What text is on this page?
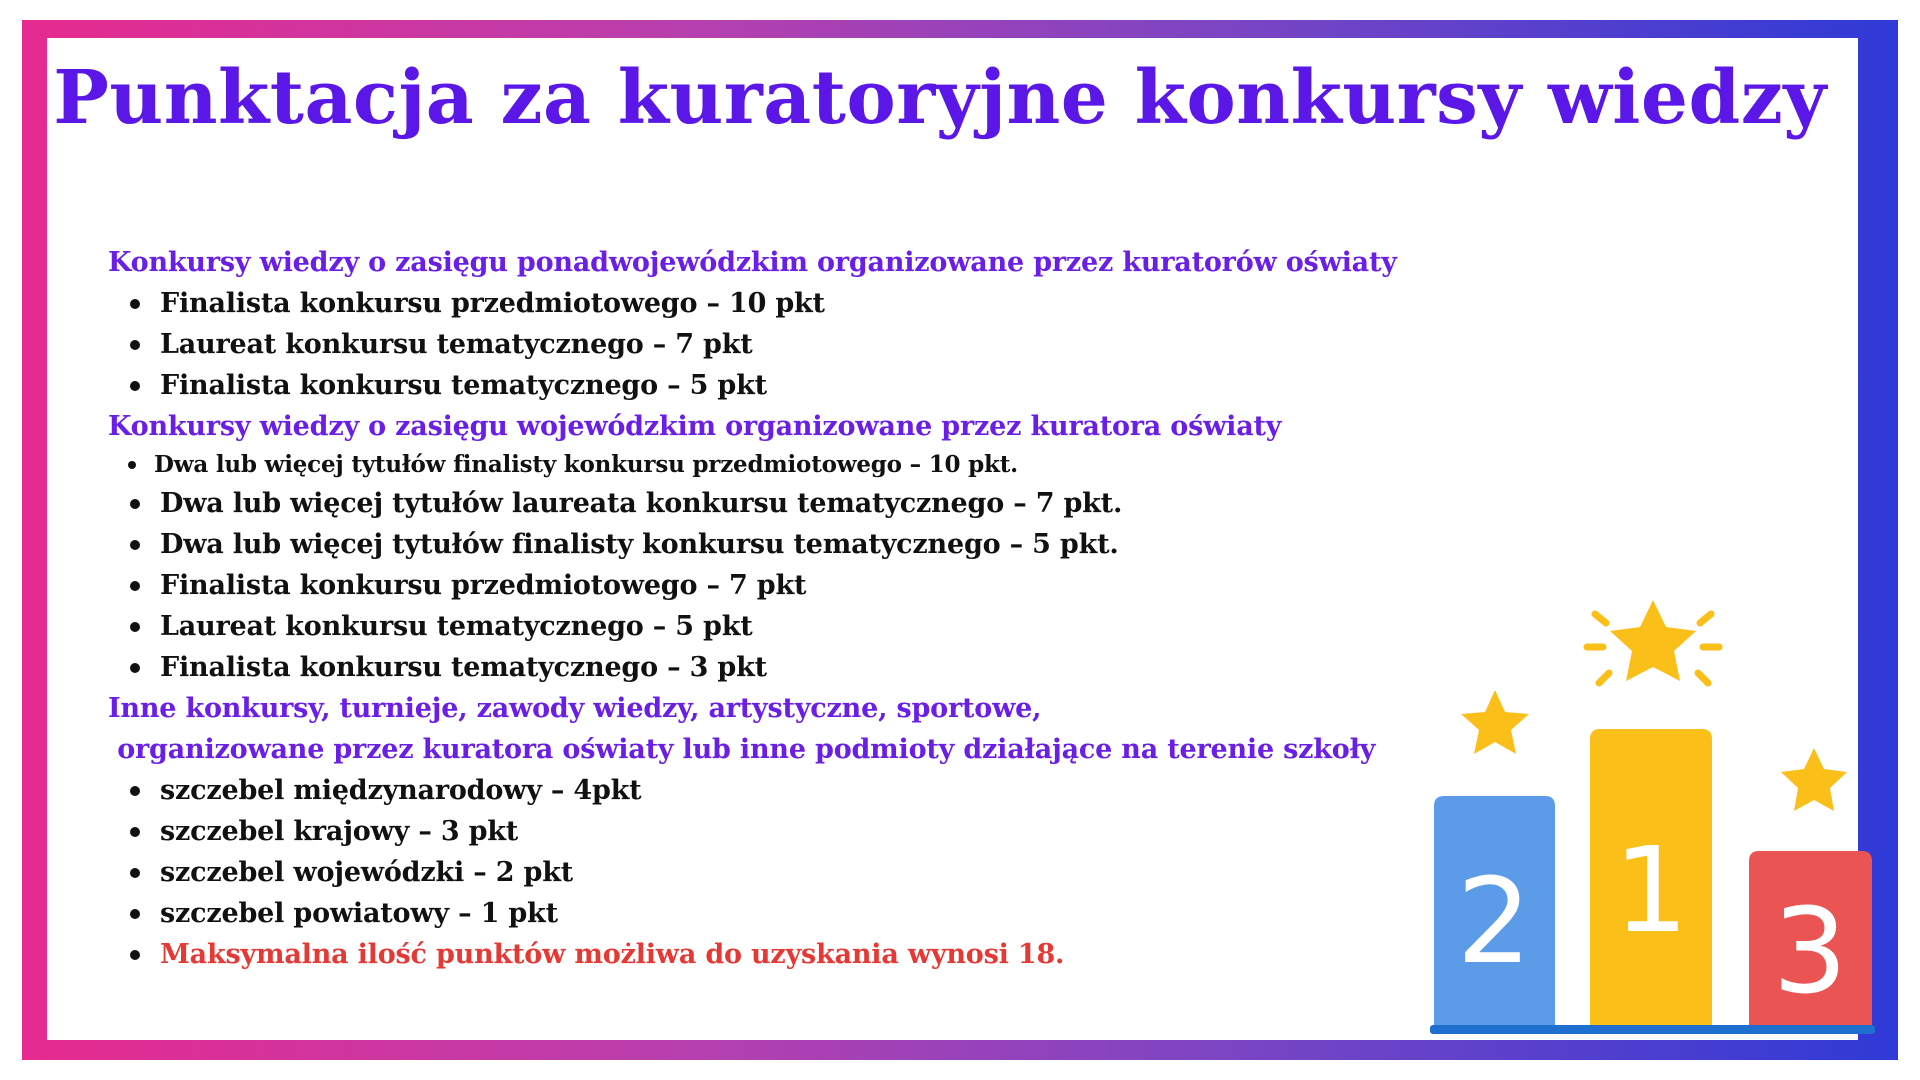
Punktacja za kuratoryjne konkursy wiedzy
Konkursy wiedzy o zasięgu ponadwojewódzkim organizowane przez kuratorów oświaty
Finalista konkursu przedmiotowego – 10 pkt
Laureat konkursu tematycznego – 7 pkt
Finalista konkursu tematycznego – 5 pkt
Konkursy wiedzy o zasięgu wojewódzkim organizowane przez kuratora oświaty
Dwa lub więcej tytułów finalisty konkursu przedmiotowego – 10 pkt.
Dwa lub więcej tytułów laureata konkursu tematycznego – 7 pkt.
Dwa lub więcej tytułów finalisty konkursu tematycznego – 5 pkt.
Finalista konkursu przedmiotowego – 7 pkt
Laureat konkursu tematycznego – 5 pkt
Finalista konkursu tematycznego – 3 pkt
Inne konkursy, turnieje, zawody wiedzy, artystyczne, sportowe,
organizowane przez kuratora oświaty lub inne podmioty działające na terenie szkoły
szczebel międzynarodowy – 4pkt
szczebel krajowy – 3 pkt
szczebel wojewódzki – 2 pkt
szczebel powiatowy – 1 pkt
Maksymalna ilość punktów możliwa do uzyskania wynosi 18.	2 1 3
